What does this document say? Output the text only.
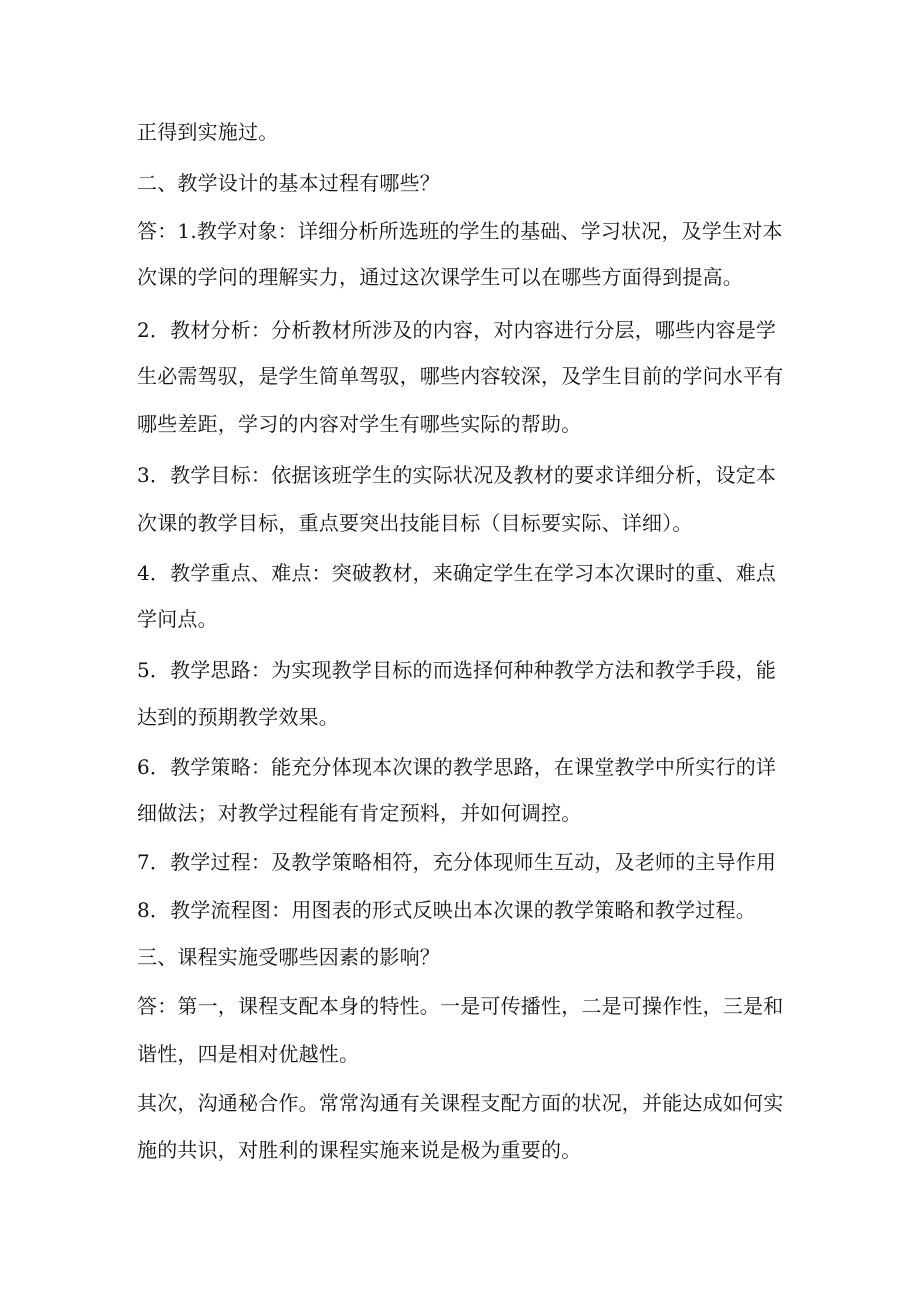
正得到实施过。
二、教学设计的基本过程有哪些？
答：1.教学对象：详细分析所选班的学生的基础、学习状况，及学生对本
次课的学问的理解实力，通过这次课学生可以在哪些方面得到提高。
2．教材分析：分析教材所涉及的内容，对内容进行分层，哪些内容是学
生必需驾驭，是学生简单驾驭，哪些内容较深，及学生目前的学问水平有
哪些差距，学习的内容对学生有哪些实际的帮助。
3．教学目标：依据该班学生的实际状况及教材的要求详细分析，设定本
次课的教学目标，重点要突出技能目标（目标要实际、详细）。
4．教学重点、难点：突破教材，来确定学生在学习本次课时的重、难点
学问点。
5．教学思路：为实现教学目标的而选择何种种教学方法和教学手段，能
达到的预期教学效果。
6．教学策略：能充分体现本次课的教学思路，在课堂教学中所实行的详
细做法；对教学过程能有肯定预料，并如何调控。
7．教学过程：及教学策略相符，充分体现师生互动，及老师的主导作用
8．教学流程图：用图表的形式反映出本次课的教学策略和教学过程。
三、课程实施受哪些因素的影响？
答：第一，课程支配本身的特性。一是可传播性，二是可操作性，三是和
谐性，四是相对优越性。
其次，沟通秘合作。常常沟通有关课程支配方面的状况，并能达成如何实
施的共识，对胜利的课程实施来说是极为重要的。
